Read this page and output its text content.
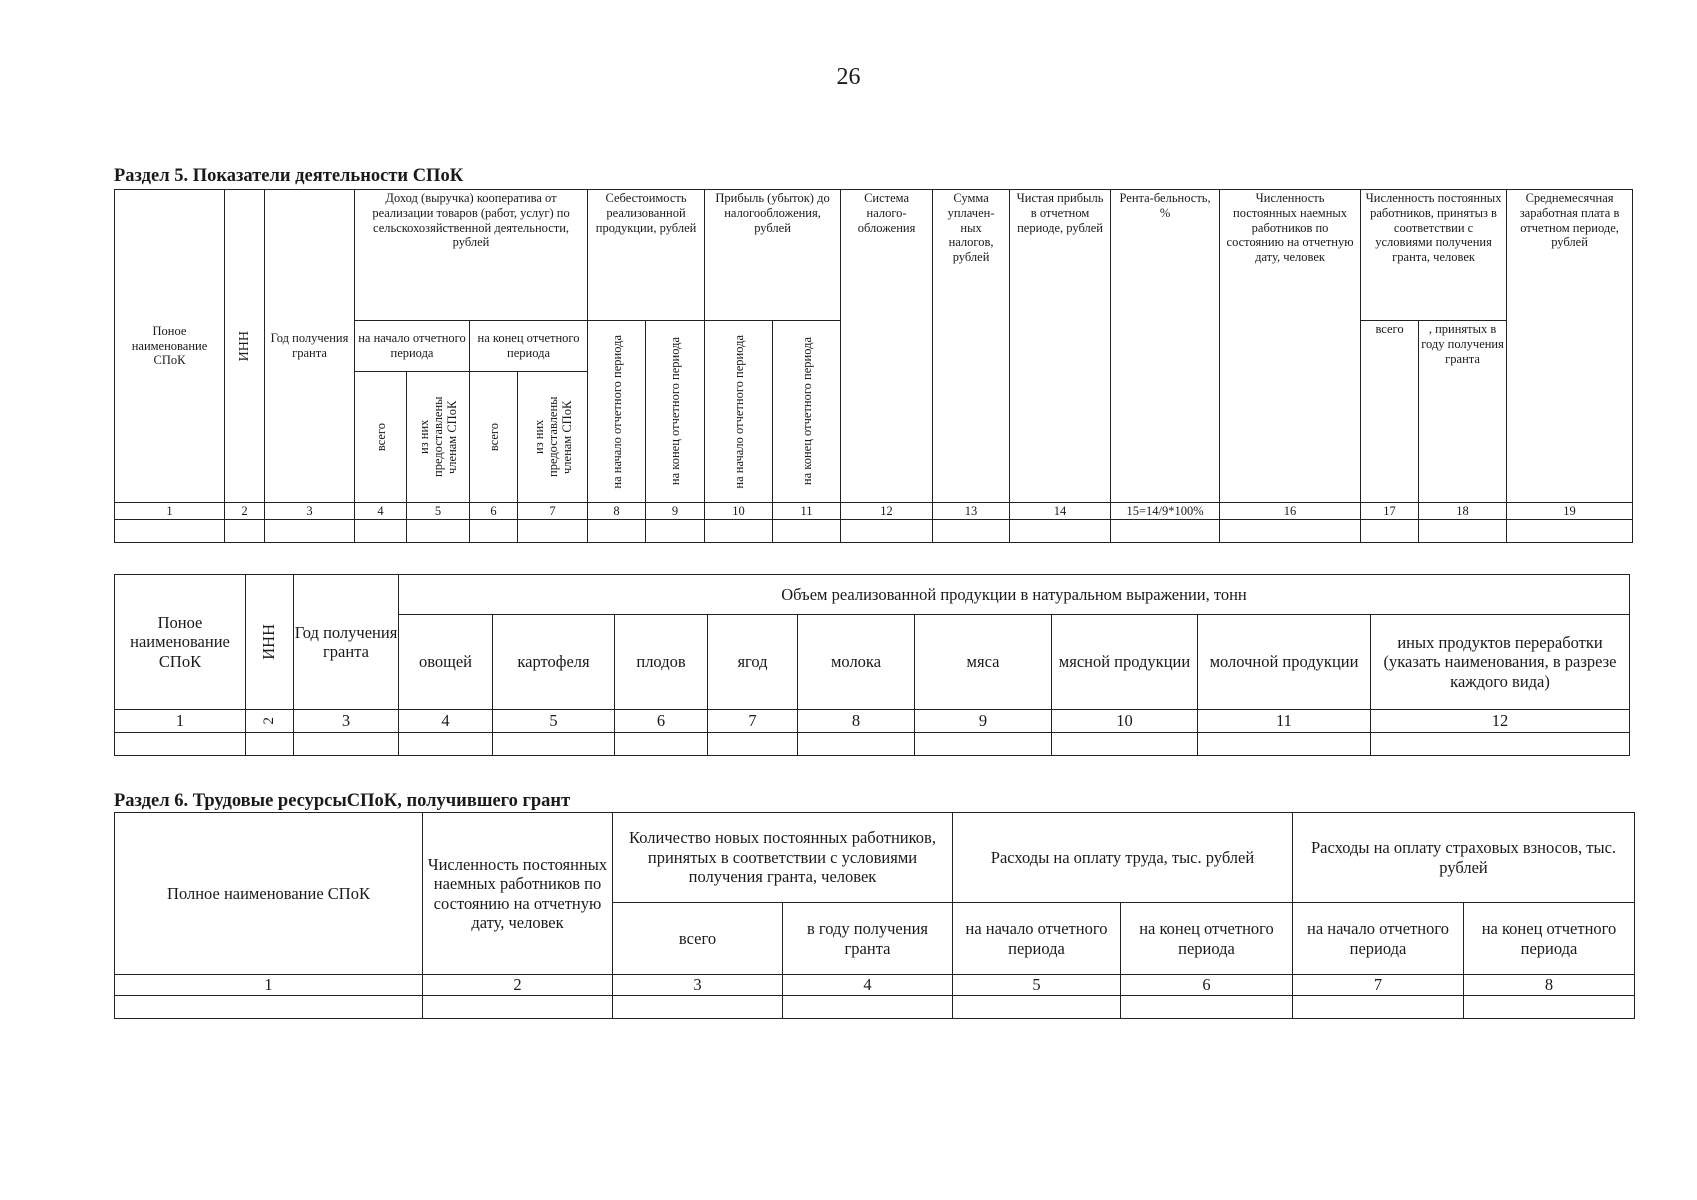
26
Раздел 5. Показатели деятельности СПоК
Поное наименование СПоК	ИНН	Год получения гранта	Доход (выручка) кооператива от реализации товаров (работ, услуг) по сельскохозяйственной деятельности, рублей				Себестоимость реализованной продукции, рублей		Прибыль (убыток) до налогообложения, рублей		Система налого-обложения	Сумма уплачен-ных налогов, рублей	Чистая прибыль в отчетном периоде, рублей	Рента-бельность, %	Численность постоянных наемных работников по состоянию на отчетную дату, человек	Численность постоянных работников, принятыз в соответствии с условиями получения гранта, человек		Среднемесячная заработная плата в отчетном периоде, рублей
			на начало отчетного периода		на конец отчетного периода		на начало отчетного периода	на конец отчетного периода	на начало отчетного периода	на конец отчетного периода						всего	, принятых в году получения гранта	

			всего	из них предоставлены членам СПоК	всего	из них предоставлены членам СПоК												

1	2	3	4	5	6	7	8	9	10	11	12	13	14	15=14/9*100%	16	17	18	19

Поное наименование СПоК	ИНН	Год получения гранта	Объем реализованной продукции в натуральном выражении, тонн								
			овощей	картофеля	плодов	ягод	молока	мяса	мясной продукции	молочной продукции	иных продуктов переработки (указать наименования, в разрезе каждого вида)
1	2	3	4	5	6	7	8	9	10	11	12

Раздел 6. Трудовые ресурсыСПоК, получившего грант
Полное наименование СПоК	Численность постоянных наемных работников по состоянию на отчетную дату, человек	Количество новых постоянных работников, принятых в соответствии с условиями получения гранта, человек		Расходы на оплату труда, тыс. рублей		Расходы на оплату страховых взносов, тыс. рублей	
		всего	в году получения гранта	на начало отчетного периода	на конец отчетного периода	на начало отчетного периода	на конец отчетного периода
1	2	3	4	5	6	7	8
